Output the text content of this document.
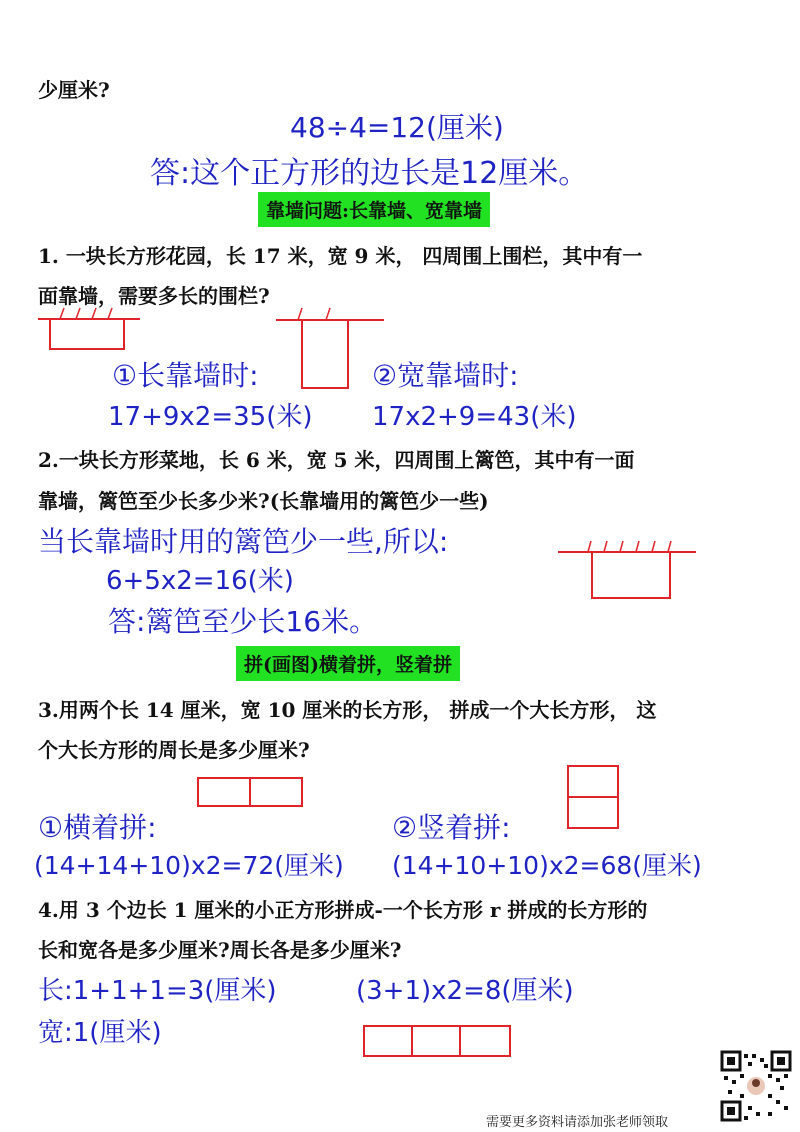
少厘米?
48÷4=12(厘米)
答:这个正方形的边长是12厘米。
靠墙问题:长靠墙、宽靠墙
1. 一块长方形花园，长 17 米，宽 9 米， 四周围上围栏，其中有一
面靠墙，需要多长的围栏?
①长靠墙时:	②宽靠墙时:
17+9x2=35(米) 17x2+9=43(米)
2.一块长方形菜地，长 6 米，宽 5 米，四周围上篱笆，其中有一面
靠墙，篱笆至少长多少米?(长靠墙用的篱笆少一些)
当长靠墙时用的篱笆少一些,所以:
6+5x2=16(米)
答:篱笆至少长16米。
拼(画图)横着拼，竖着拼
3.用两个长 14 厘米，宽 10 厘米的长方形， 拼成一个大长方形， 这
个大长方形的周长是多少厘米?
①横着拼:	②竖着拼:
(14+14+10)x2=72(厘米) (14+10+10)x2=68(厘米)
4.用 3 个边长 1 厘米的小正方形拼成-一个长方形 r 拼成的长方形的
长和宽各是多少厘米?周长各是多少厘米?
长:1+1+1=3(厘米)	(3+1)x2=8(厘米)
宽:1(厘米)
需要更多资料请添加张老师领取
